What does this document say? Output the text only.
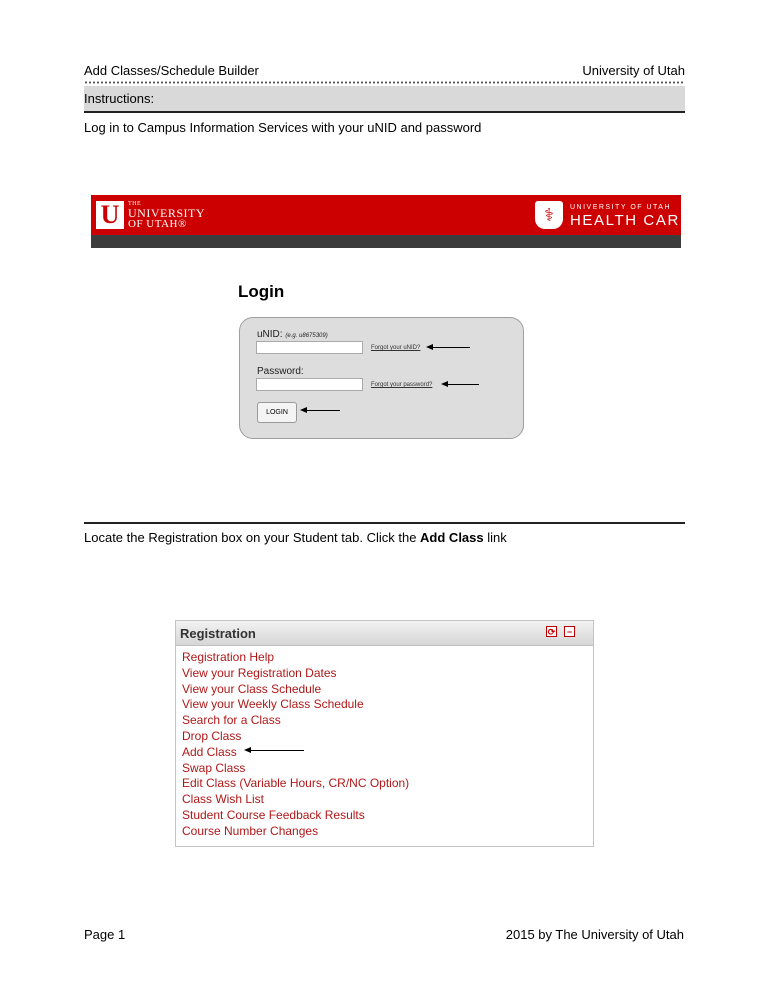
Add Classes/Schedule Builder	University of Utah
Instructions:
Log in to Campus Information Services with your uNID and password
U	THE
UNIVERSITY
OF UTAH®	⚕	UNIVERSITY OF UTAH
HEALTH CARE
Login
uNID: (e.g. u8675309)
Forgot your uNID?
Password:
Forgot your password?
LOGIN
Locate the Registration box on your Student tab. Click the Add Class link
Registration	⟳	−
Registration Help
View your Registration Dates
View your Class Schedule
View your Weekly Class Schedule
Search for a Class
Drop Class
Add Class
Swap Class
Edit Class (Variable Hours, CR/NC Option)
Class Wish List
Student Course Feedback Results
Course Number Changes
Page 1	2015 by The University of Utah
